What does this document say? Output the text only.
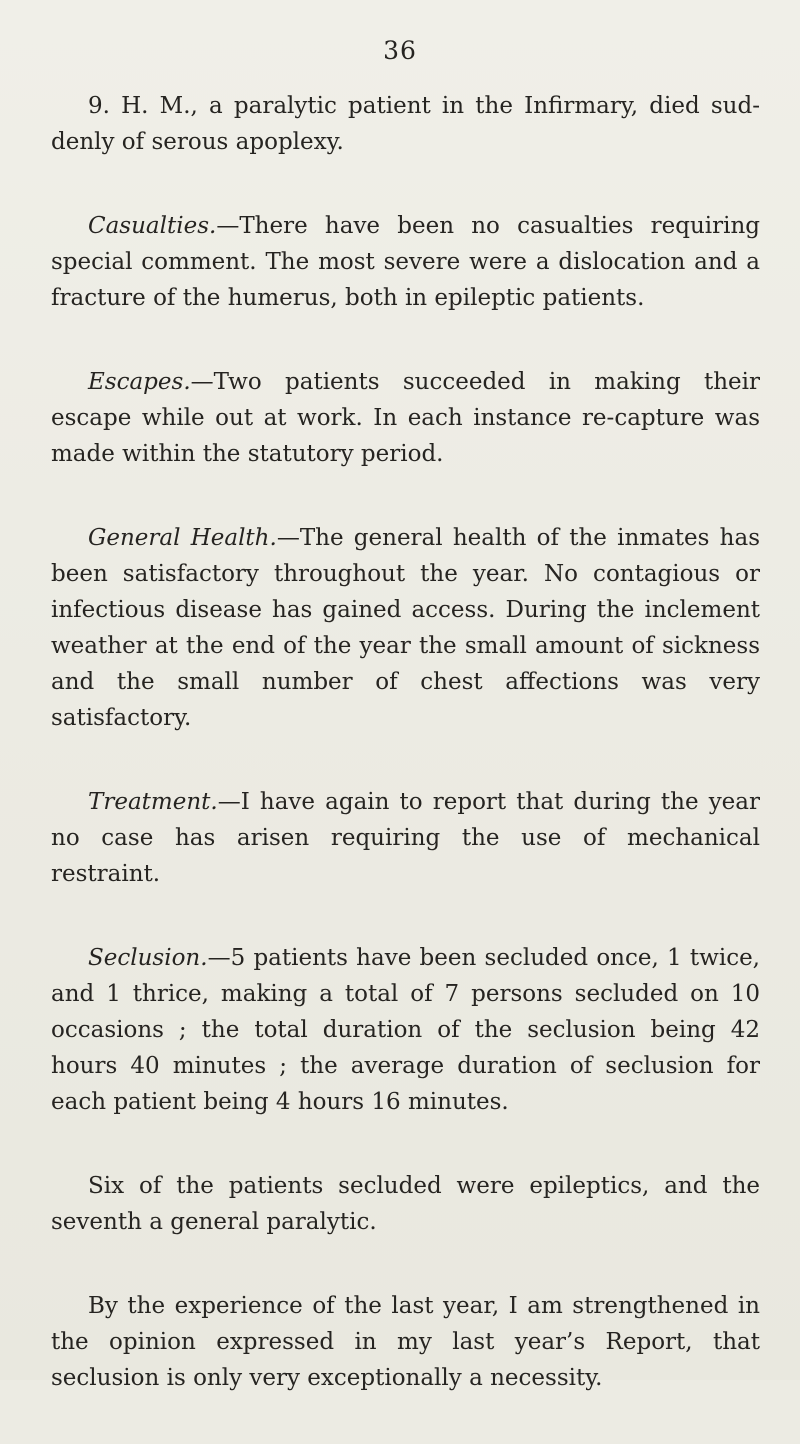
36

9. H. M., a paralytic patient in the Infirmary, died suddenly of serous apoplexy.

Casualties.—There have been no casualties requiring special comment. The most severe were a dislocation and a fracture of the humerus, both in epileptic patients.

Escapes.—Two patients succeeded in making their escape while out at work. In each instance re-capture was made within the statutory period.

General Health.—The general health of the inmates has been satisfactory throughout the year. No contagious or infectious disease has gained access. During the inclement weather at the end of the year the small amount of sickness and the small number of chest affections was very satisfactory.

Treatment.—I have again to report that during the year no case has arisen requiring the use of mechanical restraint.

Seclusion.—5 patients have been secluded once, 1 twice, and 1 thrice, making a total of 7 persons secluded on 10 occasions ; the total duration of the seclusion being 42 hours 40 minutes ; the average duration of seclusion for each patient being 4 hours 16 minutes.

Six of the patients secluded were epileptics, and the seventh a general paralytic.

By the experience of the last year, I am strengthened in the opinion expressed in my last year’s Report, that seclusion is only very exceptionally a necessity.
